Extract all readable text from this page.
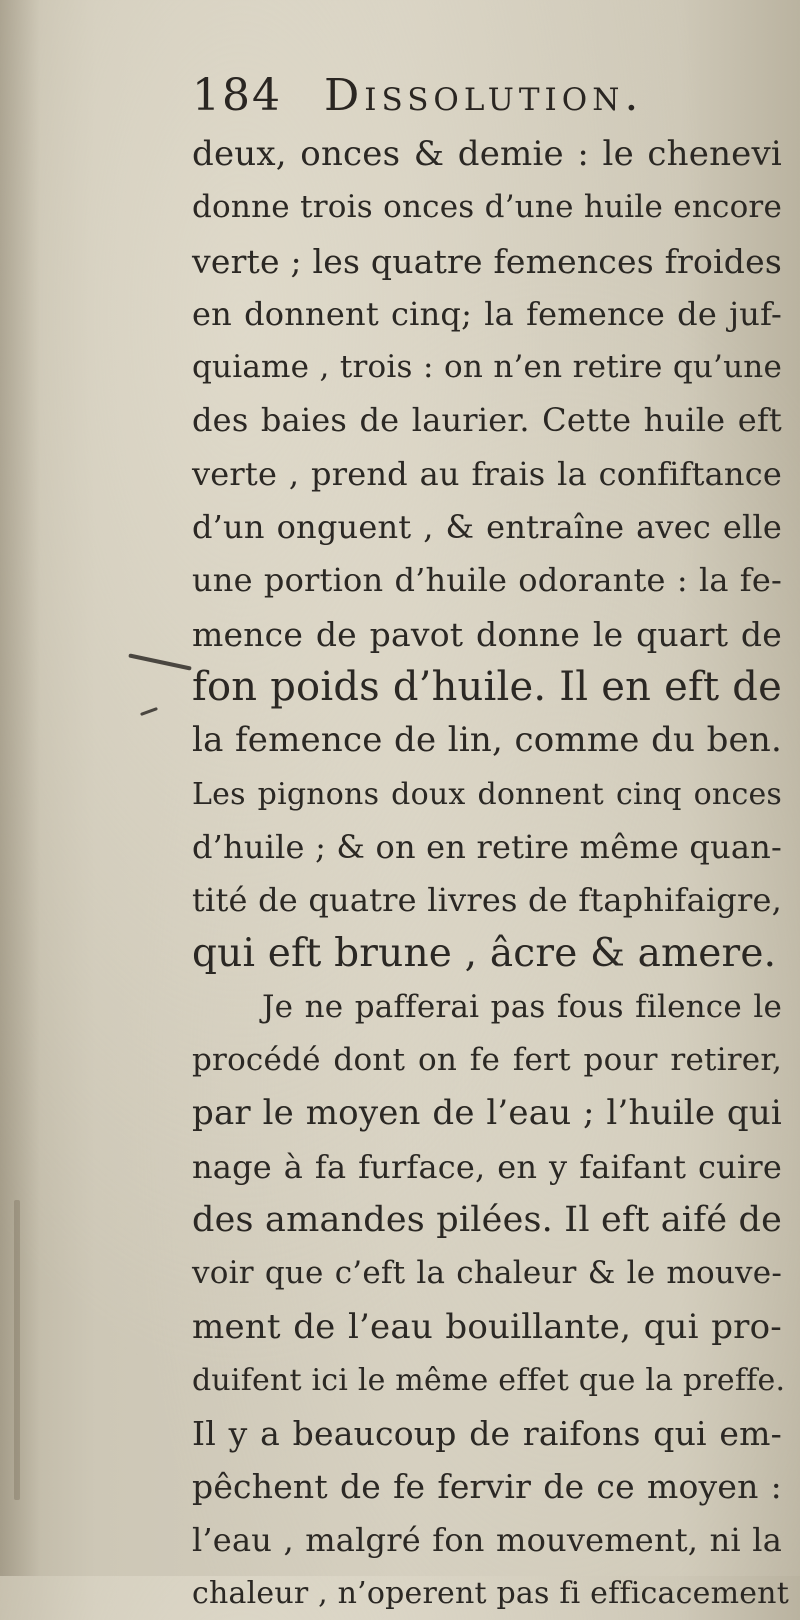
184 Dissolution.
deux, onces & demie : le chenevi
donne trois onces d’une huile encore
verte ; les quatre femences froides
en donnent cinq; la femence de juf-
quiame , trois : on n’en retire qu’une
des baies de laurier. Cette huile eft
verte , prend au frais la confiftance
d’un onguent , & entraîne avec elle
une portion d’huile odorante : la fe-
mence de pavot donne le quart de
fon poids d’huile. Il en eft de
la femence de lin, comme du ben.
Les pignons doux donnent cinq onces
d’huile ; & on en retire même quan-
tité de quatre livres de ftaphifaigre,
qui eft brune , âcre & amere.
Je ne pafferai pas fous filence le
procédé dont on fe fert pour retirer,
par le moyen de l’eau ; l’huile qui
nage à fa furface, en y faifant cuire
des amandes pilées. Il eft aifé de
voir que c’eft la chaleur & le mouve-
ment de l’eau bouillante, qui pro-
duifent ici le même effet que la preffe.
Il y a beaucoup de raifons qui em-
pêchent de fe fervir de ce moyen :
l’eau , malgré fon mouvement, ni la
chaleur , n’operent pas fi efficacement
